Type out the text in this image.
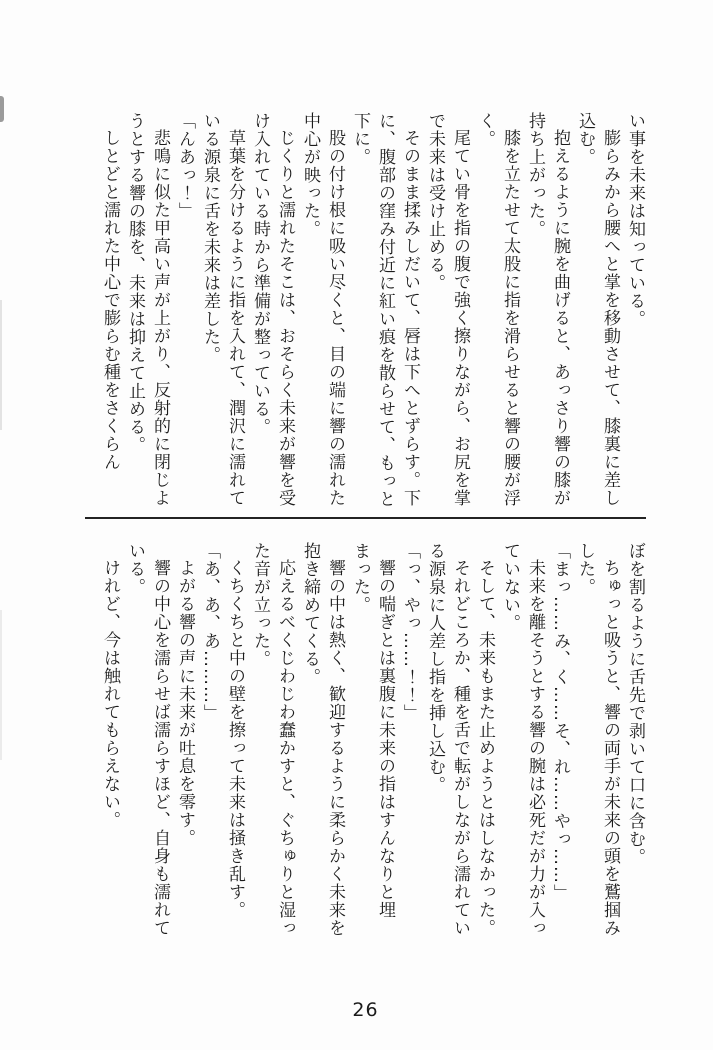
い事を未来は知っている。

膨らみから腰へと掌を移動させて、膝裏に差し込む。

抱えるように腕を曲げると、あっさり響の膝が持ち上がった。

膝を立たせて太股に指を滑らせると響の腰が浮く。

尾てい骨を指の腹で強く擦りながら、お尻を掌で未来は受け止める。

そのまま揉みしだいて、唇は下へとずらす。下に、腹部の窪み付近に紅い痕を散らせて、もっと下に。

股の付け根に吸い尽くと、目の端に響の濡れた中心が映った。

じくりと濡れたそこは、おそらく未来が響を受け入れている時から準備が整っている。

草葉を分けるように指を入れて、潤沢に濡れている源泉に舌を未来は差した。

「んあっ！」

悲鳴に似た甲高い声が上がり、反射的に閉じようとする響の膝を、未来は抑えて止める。

しとどと濡れた中心で膨らむ種をさくらん

ぼを割るように舌先で剥いて口に含む。

ちゅっと吸うと、響の両手が未来の頭を鷲掴みした。

「まっ……み、く……そ、れ……やっ……」

未来を離そうとする響の腕は必死だが力が入っていない。

そして、未来もまた止めようとはしなかった。

それどころか、種を舌で転がしながら濡れている源泉に人差し指を挿し込む。

「っ、やっ……！！」

響の喘ぎとは裏腹に未来の指はすんなりと埋まった。

響の中は熱く、歓迎するように柔らかく未来を抱き締めてくる。

応えるべくじわじわ蠢かすと、ぐちゅりと湿った音が立った。

くちくちと中の壁を擦って未来は掻き乱す。

「あ、あ、あ………」

よがる響の声に未来が吐息を零す。

響の中心を濡らせば濡らすほど、自身も濡れている。

けれど、今は触れてもらえない。

26
